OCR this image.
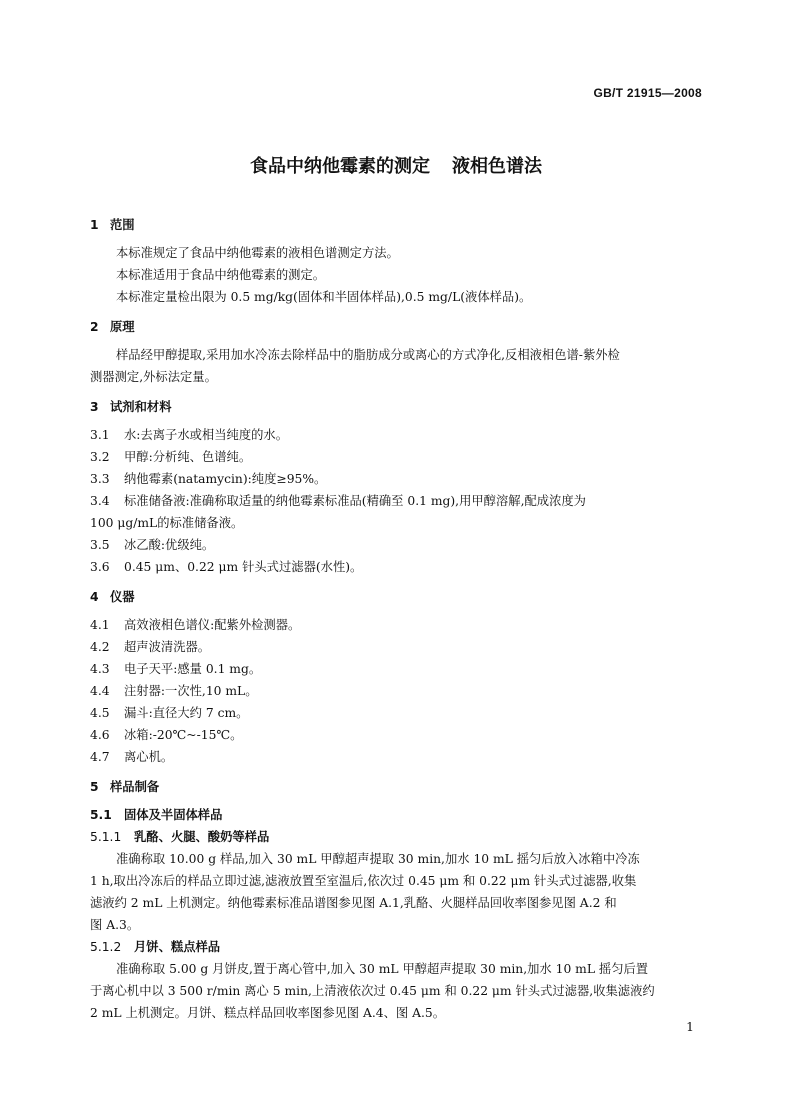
GB/T 21915—2008
食品中纳他霉素的测定 液相色谱法

1 范围

本标准规定了食品中纳他霉素的液相色谱测定方法。

本标准适用于食品中纳他霉素的测定。

本标准定量检出限为 0.5 mg/kg(固体和半固体样品),0.5 mg/L(液体样品)。

2 原理

样品经甲醇提取,采用加水冷冻去除样品中的脂肪成分或离心的方式净化,反相液相色谱-紫外检

测器测定,外标法定量。

3 试剂和材料

3.1 水:去离子水或相当纯度的水。

3.2 甲醇:分析纯、色谱纯。

3.3 纳他霉素(natamycin):纯度≥95%。

3.4 标准储备液:准确称取适量的纳他霉素标准品(精确至 0.1 mg),用甲醇溶解,配成浓度为

100 μg/mL的标准储备液。

3.5 冰乙酸:优级纯。

3.6 0.45 μm、0.22 μm 针头式过滤器(水性)。

4 仪器

4.1 高效液相色谱仪:配紫外检测器。

4.2 超声波清洗器。

4.3 电子天平:感量 0.1 mg。

4.4 注射器:一次性,10 mL。

4.5 漏斗:直径大约 7 cm。

4.6 冰箱:-20℃~-15℃。

4.7 离心机。

5 样品制备

5.1 固体及半固体样品

5.1.1 乳酪、火腿、酸奶等样品

准确称取 10.00 g 样品,加入 30 mL 甲醇超声提取 30 min,加水 10 mL 摇匀后放入冰箱中冷冻

1 h,取出冷冻后的样品立即过滤,滤液放置至室温后,依次过 0.45 μm 和 0.22 μm 针头式过滤器,收集

滤液约 2 mL 上机测定。纳他霉素标准品谱图参见图 A.1,乳酪、火腿样品回收率图参见图 A.2 和

图 A.3。

5.1.2 月饼、糕点样品

准确称取 5.00 g 月饼皮,置于离心管中,加入 30 mL 甲醇超声提取 30 min,加水 10 mL 摇匀后置

于离心机中以 3 500 r/min 离心 5 min,上清液依次过 0.45 μm 和 0.22 μm 针头式过滤器,收集滤液约

2 mL 上机测定。月饼、糕点样品回收率图参见图 A.4、图 A.5。

1
